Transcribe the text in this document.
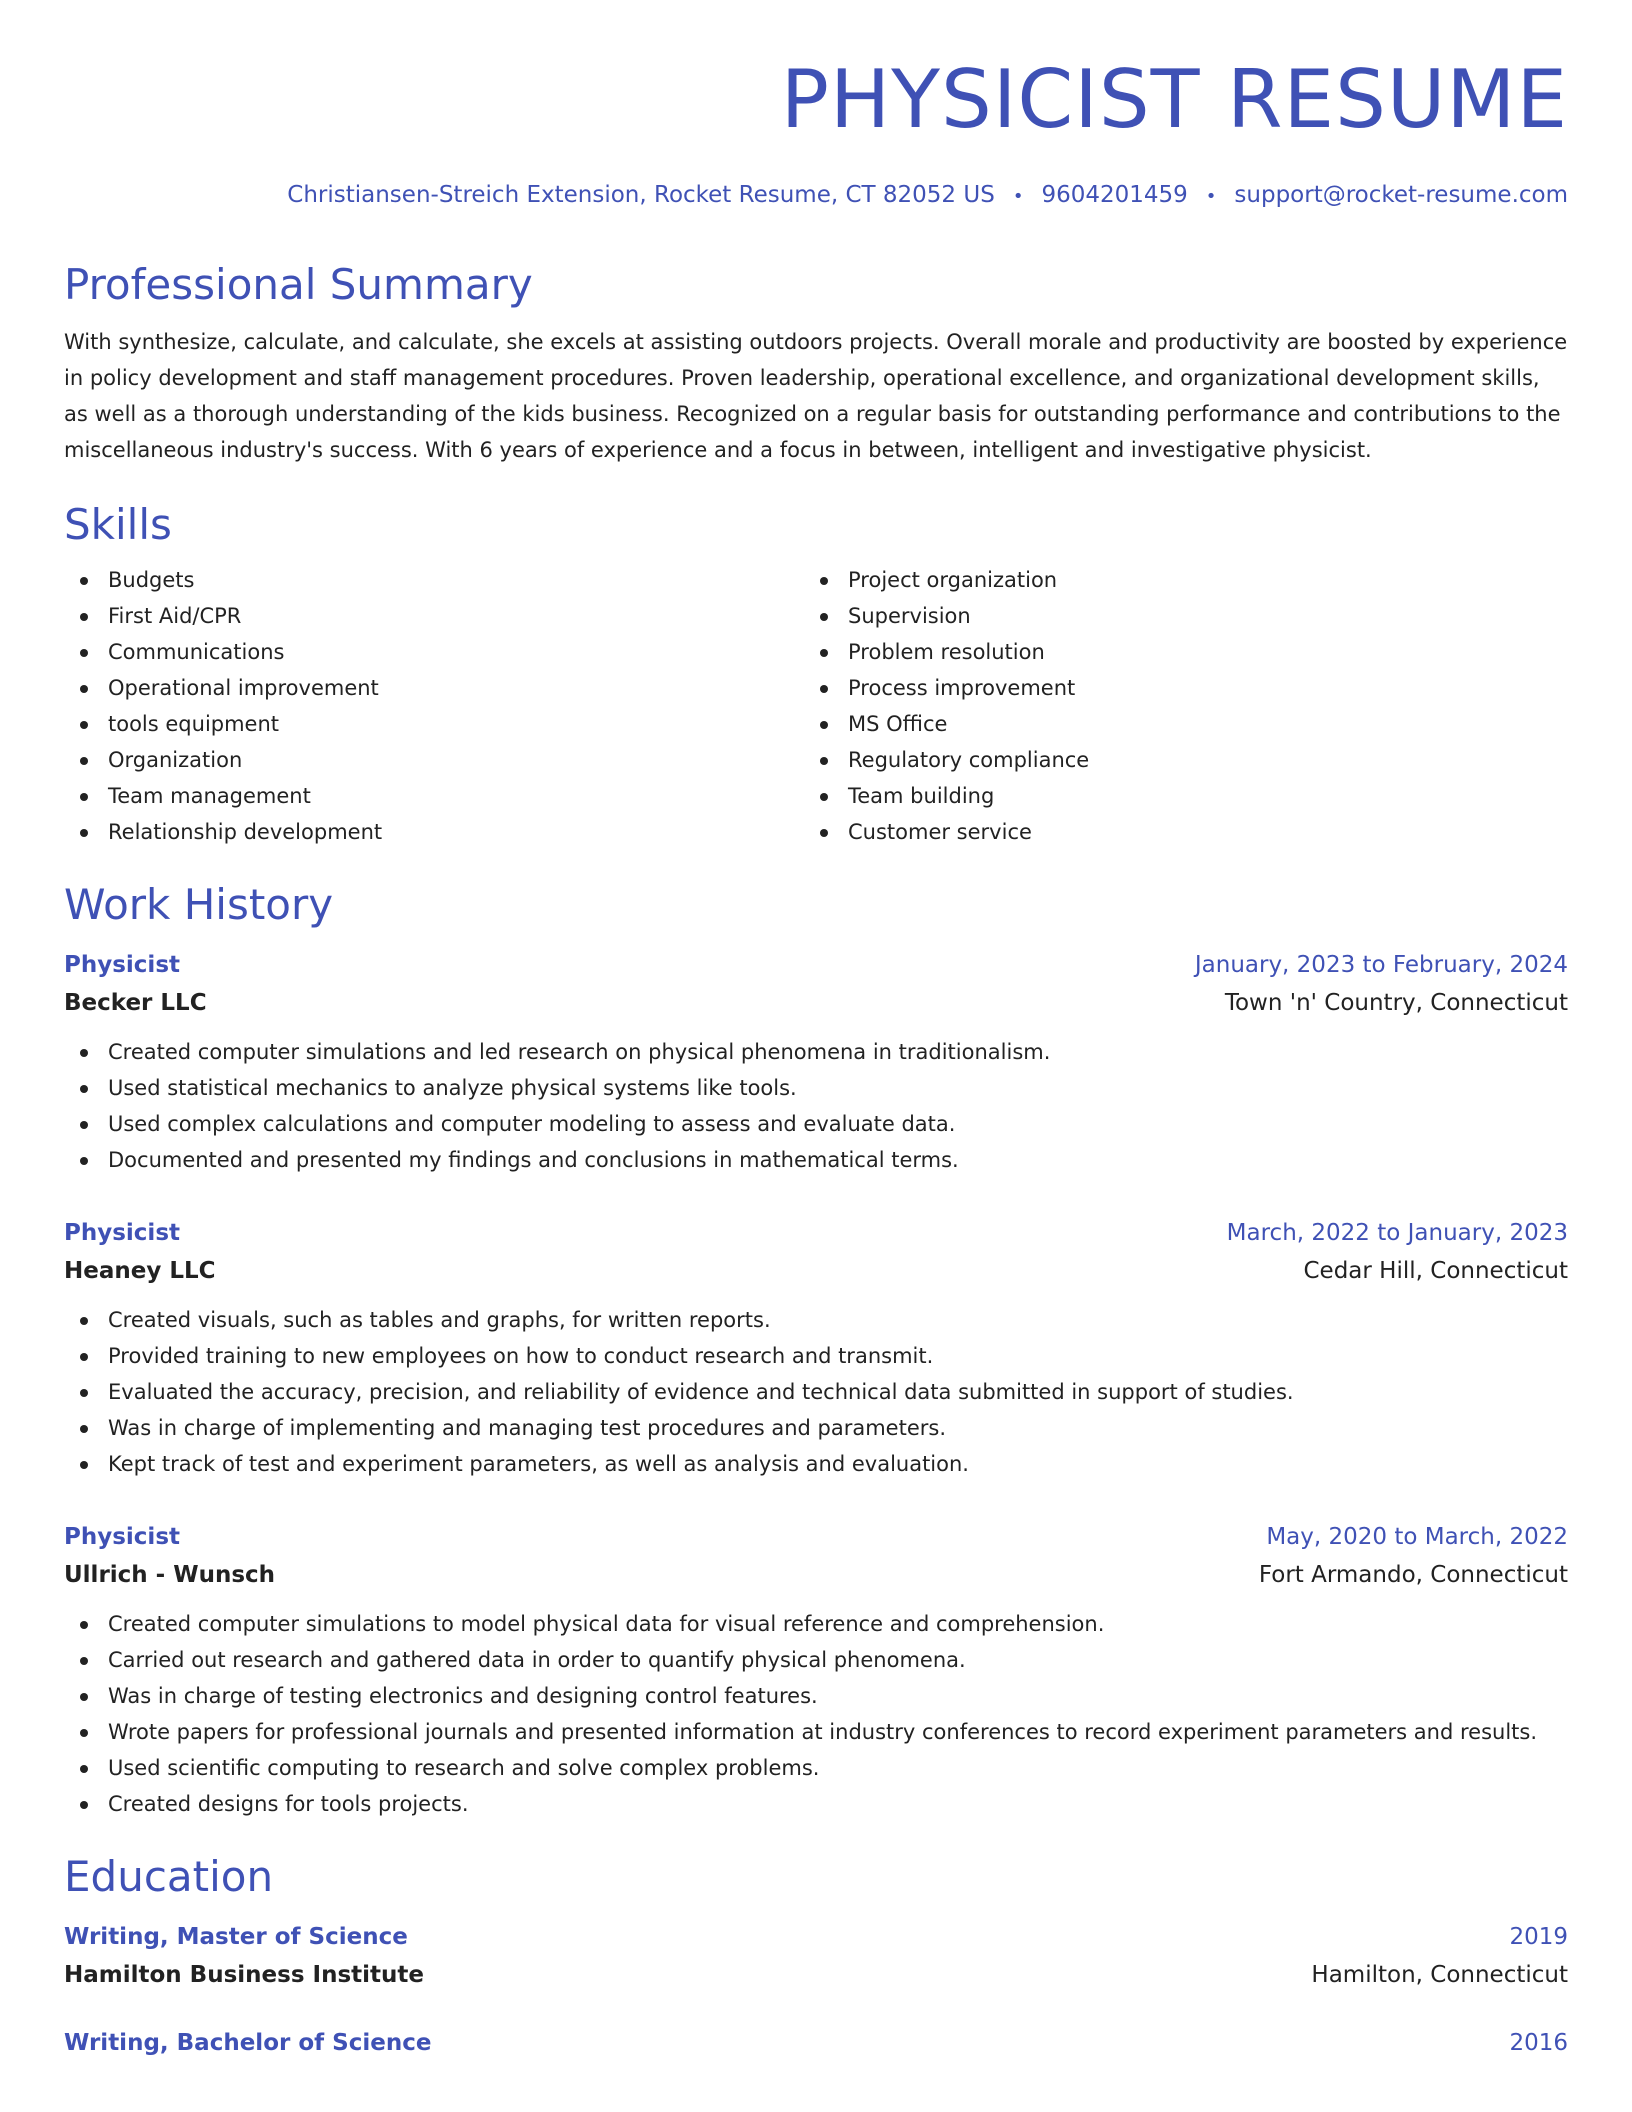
PHYSICIST RESUME
Christiansen-Streich Extension, Rocket Resume, CT 82052 US • 9604201459 • support@rocket-resume.com
Professional Summary

With synthesize, calculate, and calculate, she excels at assisting outdoors projects. Overall morale and productivity are boosted by experience in policy development and staff management procedures. Proven leadership, operational excellence, and organizational development skills, as well as a thorough understanding of the kids business. Recognized on a regular basis for outstanding performance and contributions to the miscellaneous industry's success. With 6 years of experience and a focus in between, intelligent and investigative physicist.

Skills
Budgets
First Aid/CPR
Communications
Operational improvement
tools equipment
Organization
Team management
Relationship development
Project organization
Supervision
Problem resolution
Process improvement
MS Office
Regulatory compliance
Team building
Customer service
Work History
Physicist	January, 2023 to February, 2024
Becker LLC	Town 'n' Country, Connecticut
Created computer simulations and led research on physical phenomena in traditionalism.
Used statistical mechanics to analyze physical systems like tools.
Used complex calculations and computer modeling to assess and evaluate data.
Documented and presented my findings and conclusions in mathematical terms.
Physicist	March, 2022 to January, 2023
Heaney LLC	Cedar Hill, Connecticut
Created visuals, such as tables and graphs, for written reports.
Provided training to new employees on how to conduct research and transmit.
Evaluated the accuracy, precision, and reliability of evidence and technical data submitted in support of studies.
Was in charge of implementing and managing test procedures and parameters.
Kept track of test and experiment parameters, as well as analysis and evaluation.
Physicist	May, 2020 to March, 2022
Ullrich - Wunsch	Fort Armando, Connecticut
Created computer simulations to model physical data for visual reference and comprehension.
Carried out research and gathered data in order to quantify physical phenomena.
Was in charge of testing electronics and designing control features.
Wrote papers for professional journals and presented information at industry conferences to record experiment parameters and results.
Used scientific computing to research and solve complex problems.
Created designs for tools projects.
Education
Writing, Master of Science	2019
Hamilton Business Institute	Hamilton, Connecticut
Writing, Bachelor of Science	2016
